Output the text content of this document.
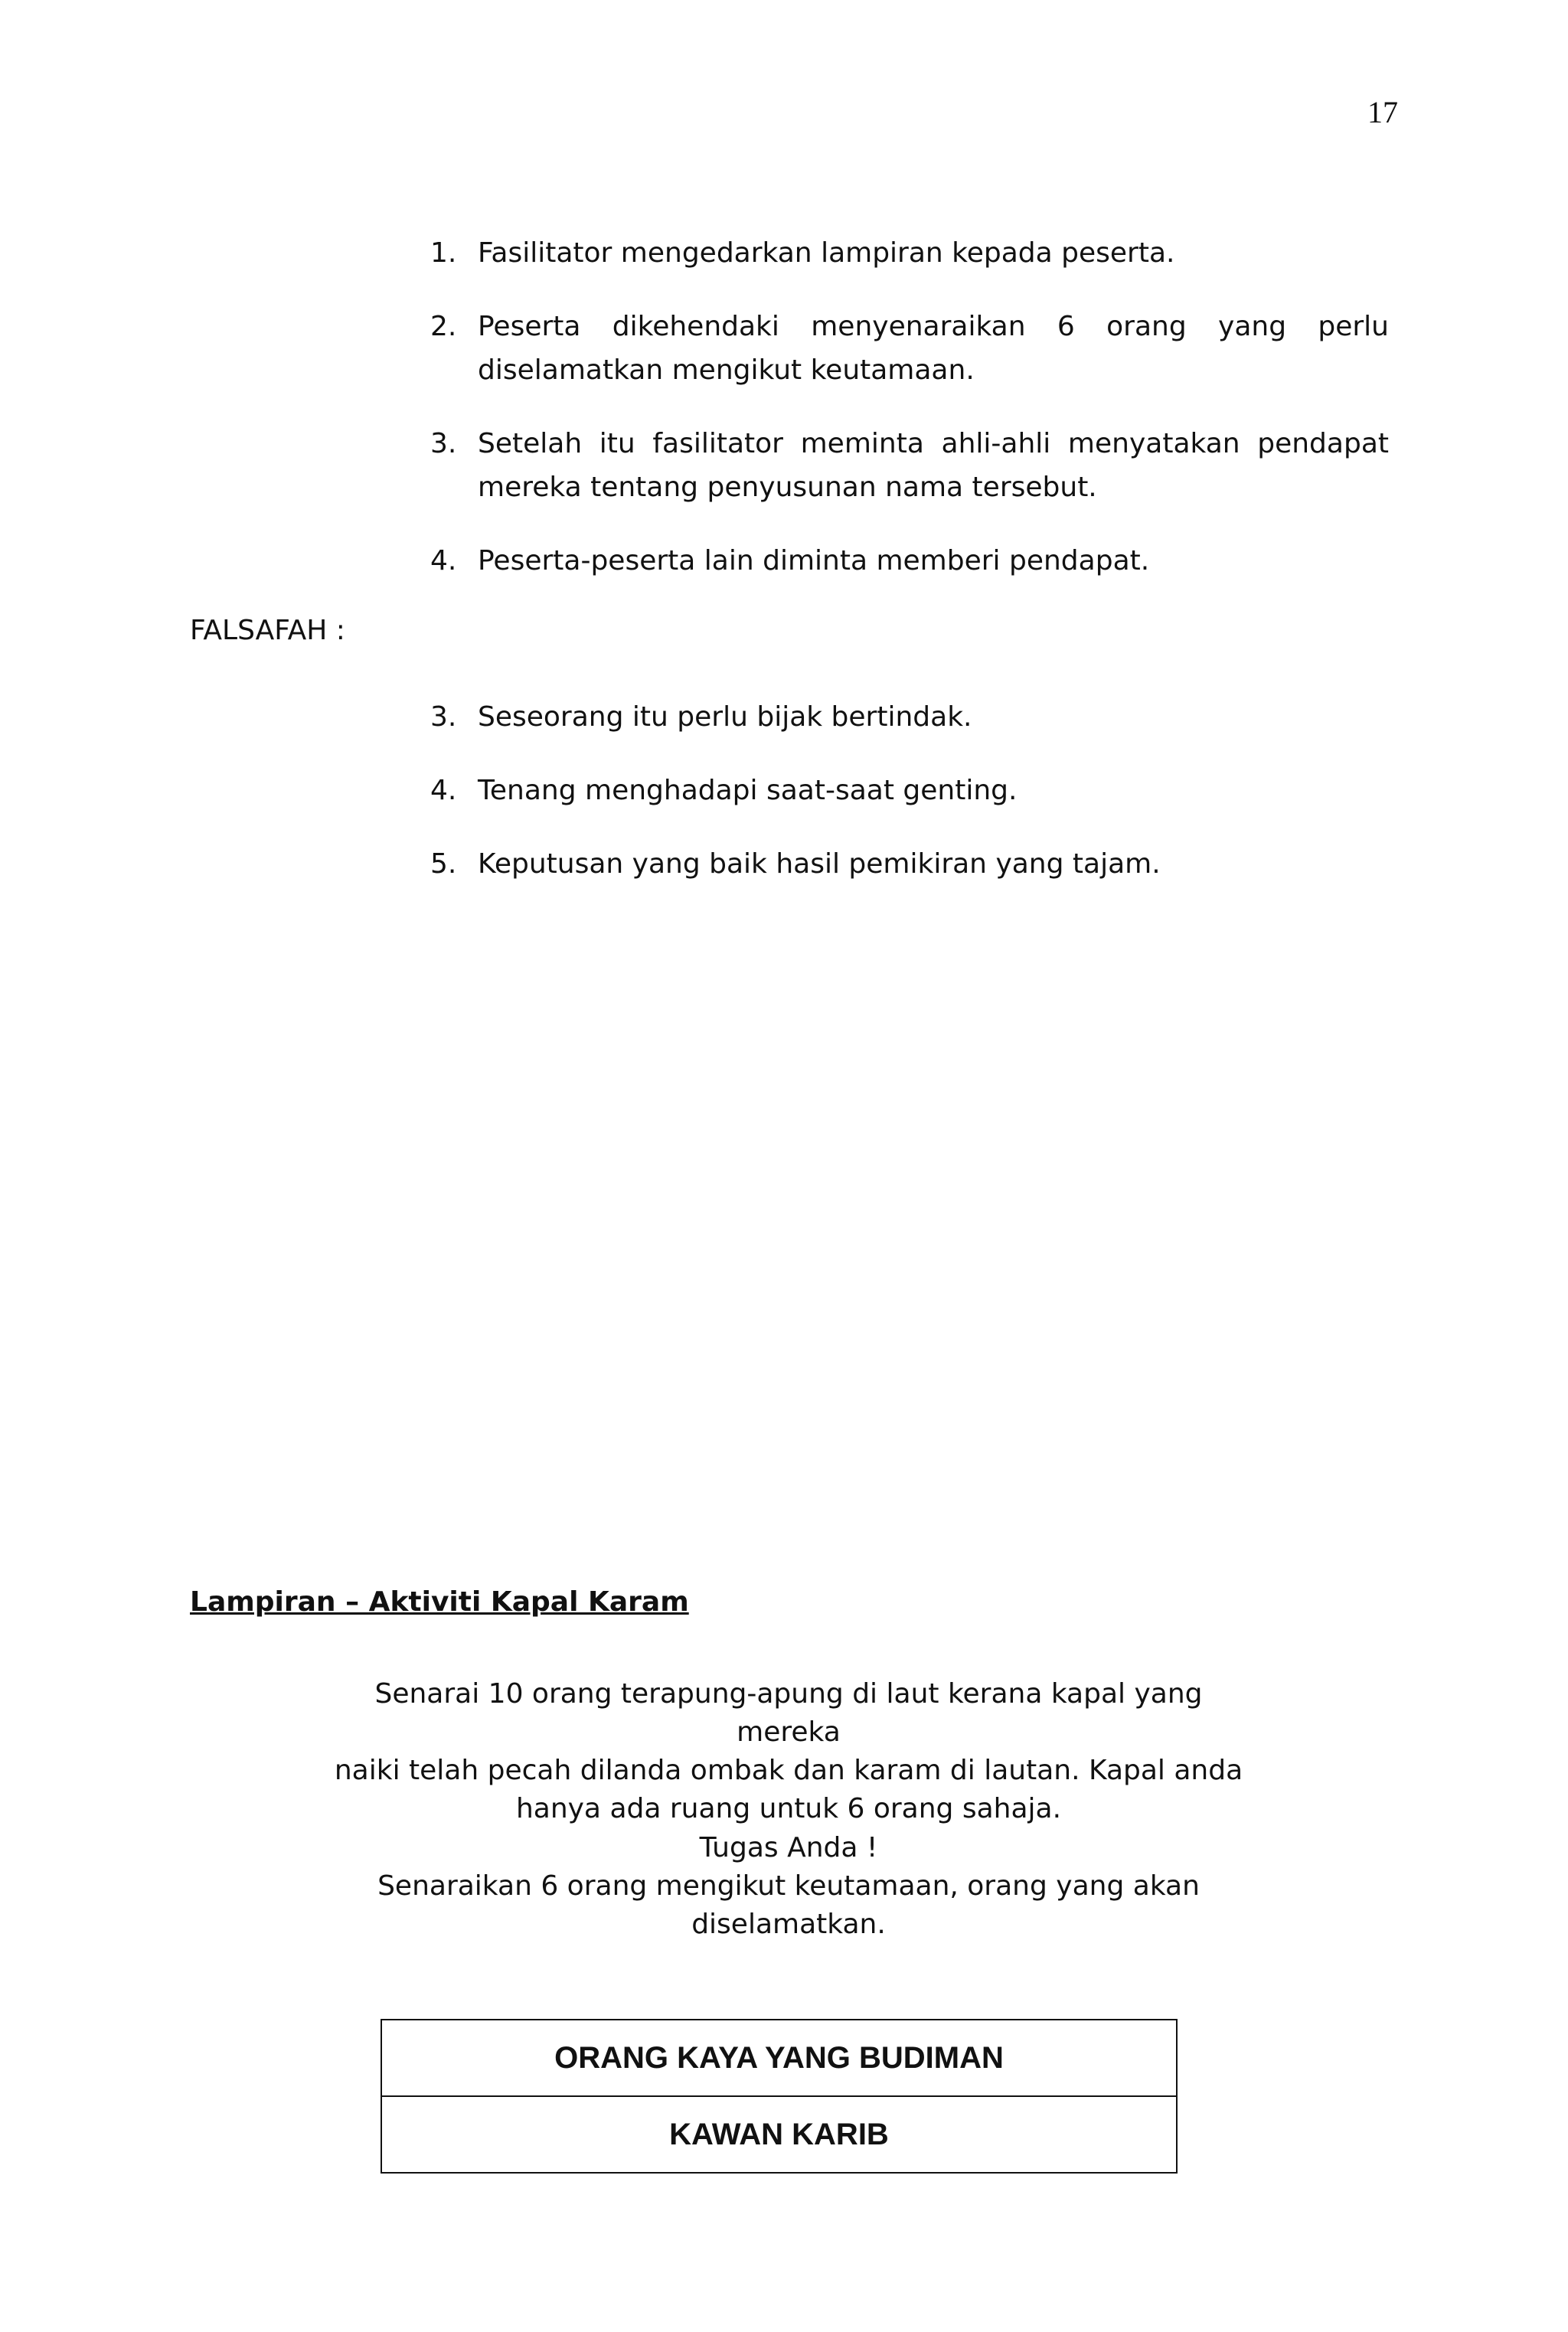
17
1. Fasilitator mengedarkan lampiran kepada peserta.
2. Peserta dikehendaki menyenaraikan 6 orang yang perlu diselamatkan mengikut keutamaan.
3. Setelah itu fasilitator meminta ahli-ahli menyatakan pendapat mereka tentang penyusunan nama tersebut.
4. Peserta-peserta lain diminta memberi pendapat.
FALSAFAH :
3. Seseorang itu perlu bijak bertindak.
4. Tenang menghadapi saat-saat genting.
5. Keputusan yang baik hasil pemikiran yang tajam.
Lampiran – Aktiviti Kapal Karam
Senarai 10 orang terapung-apung di laut kerana kapal yang mereka
naiki telah pecah dilanda ombak dan karam di lautan. Kapal anda
hanya ada ruang untuk 6 orang sahaja.
Tugas Anda !
Senaraikan 6 orang mengikut keutamaan, orang yang akan
diselamatkan.
ORANG KAYA YANG BUDIMAN
KAWAN KARIB
